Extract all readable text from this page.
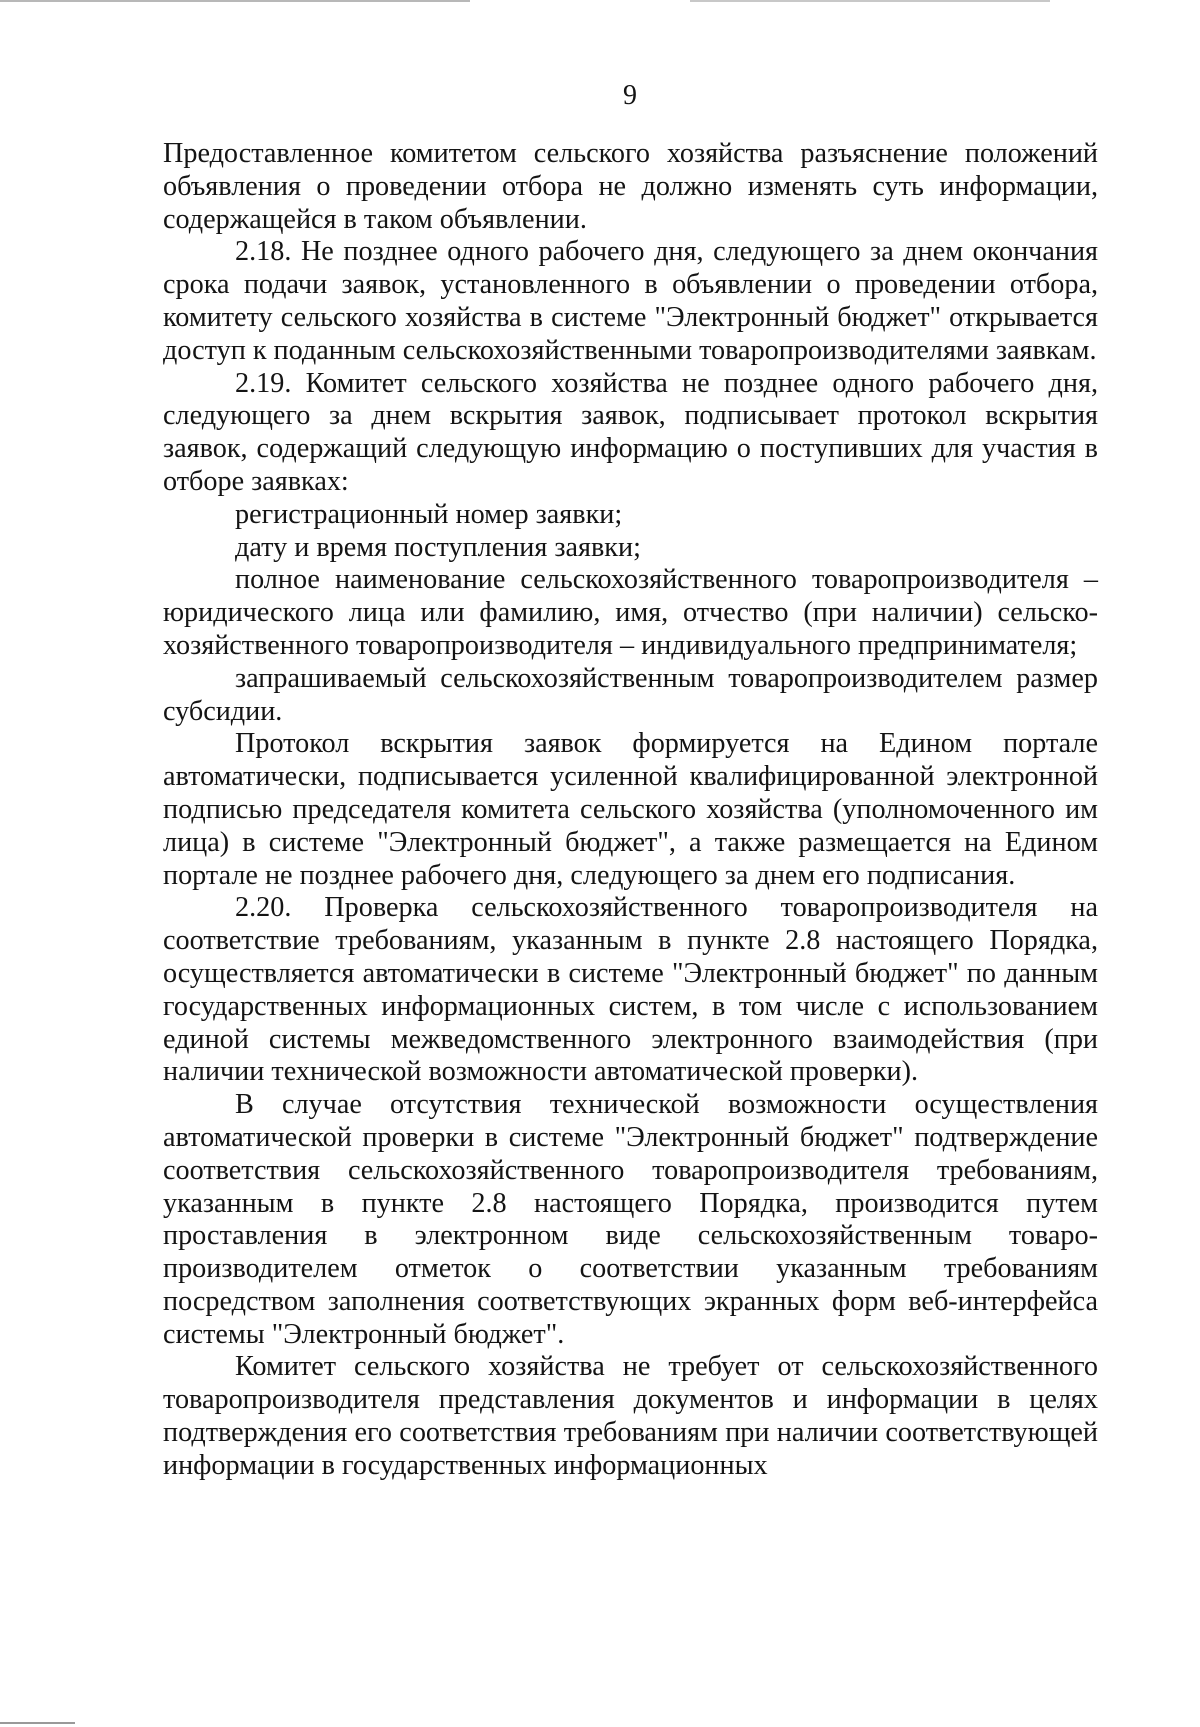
9

Предоставленное комитетом сельского хозяйства разъяснение положений объявления о проведении отбора не должно изменять суть информации, содержащейся в таком объявлении.

2.18. Не позднее одного рабочего дня, следующего за днем окончания срока подачи заявок, установленного в объявлении о проведении отбора, комитету сельского хозяйства в системе "Электронный бюджет" открывается доступ к поданным сельскохозяйственными товаропроизводителями заявкам.

2.19. Комитет сельского хозяйства не позднее одного рабочего дня, следующего за днем вскрытия заявок, подписывает протокол вскрытия заявок, содержащий следующую информацию о поступивших для участия в отборе заявках:

регистрационный номер заявки;

дату и время поступления заявки;

полное наименование сельскохозяйственного товаропроизводителя – юридического лица или фамилию, имя, отчество (при наличии) сельско-хозяйственного товаропроизводителя – индивидуального предпринимателя;

запрашиваемый сельскохозяйственным товаропроизводителем размер субсидии.

Протокол вскрытия заявок формируется на Едином портале автоматически, подписывается усиленной квалифицированной электронной подписью председателя комитета сельского хозяйства (уполномоченного им лица) в системе "Электронный бюджет", а также размещается на Едином портале не позднее рабочего дня, следующего за днем его подписания.

2.20. Проверка сельскохозяйственного товаропроизводителя на соответствие требованиям, указанным в пункте 2.8 настоящего Порядка, осуществляется автоматически в системе "Электронный бюджет" по данным государственных информационных систем, в том числе с использованием единой системы межведомственного электронного взаимодействия (при наличии технической возможности автоматической проверки).

В случае отсутствия технической возможности осуществления автоматической проверки в системе "Электронный бюджет" подтверждение соответствия сельскохозяйственного товаропроизводителя требованиям, указанным в пункте 2.8 настоящего Порядка, производится путем проставления в электронном виде сельскохозяйственным товаро-производителем отметок о соответствии указанным требованиям посредством заполнения соответствующих экранных форм веб-интерфейса системы "Электронный бюджет".

Комитет сельского хозяйства не требует от сельскохозяйственного товаропроизводителя представления документов и информации в целях подтверждения его соответствия требованиям при наличии соответствующей информации в государственных информационных
